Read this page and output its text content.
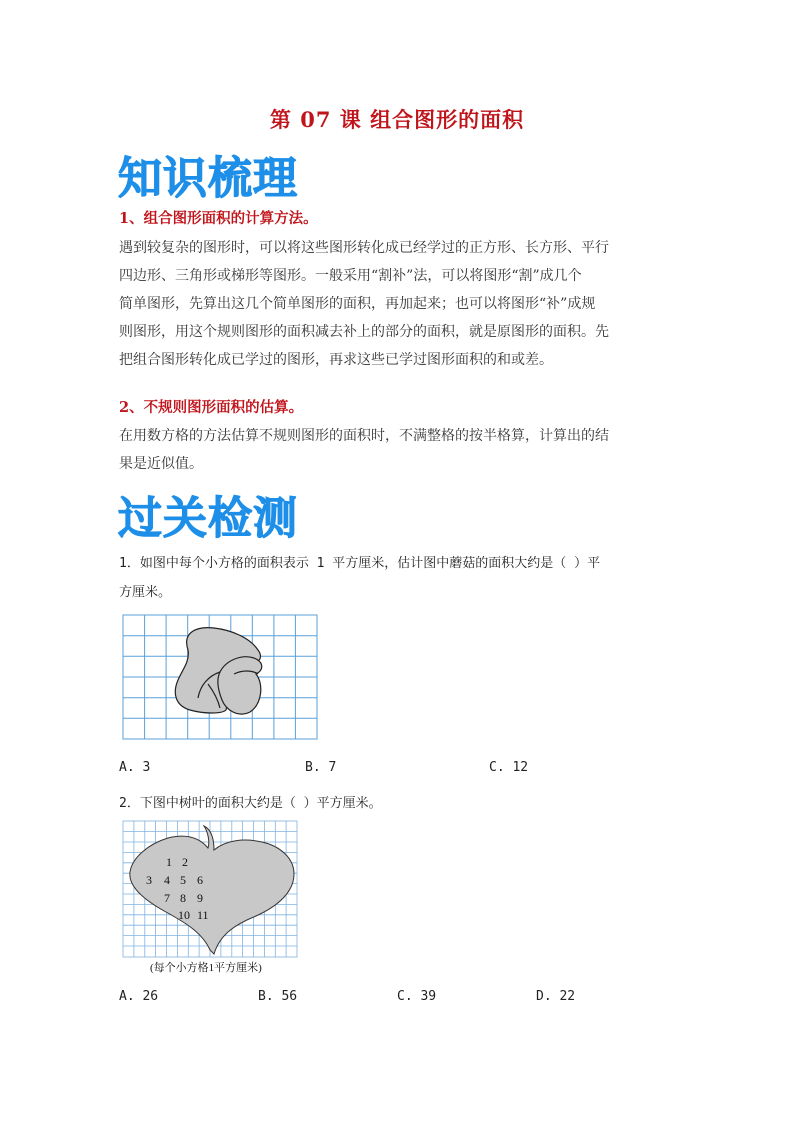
第 07 课 组合图形的面积
知识梳理
1、组合图形面积的计算方法。

遇到较复杂的图形时，可以将这些图形转化成已经学过的正方形、长方形、平行

四边形、三角形或梯形等图形。一般采用“割补”法，可以将图形“割”成几个

简单图形，先算出这几个简单图形的面积，再加起来；也可以将图形“补”成规

则图形，用这个规则图形的面积减去补上的部分的面积，就是原图形的面积。先

把组合图形转化成已学过的图形，再求这些已学过图形面积的和或差。

2、不规则图形面积的估算。

在用数方格的方法估算不规则图形的面积时，不满整格的按半格算，计算出的结

果是近似值。

过关检测
1．如图中每个小方格的面积表示 1 平方厘米，估计图中蘑菇的面积大约是（ ）平
方厘米。
A. 3	B. 7	C. 12
2．下图中树叶的面积大约是（ ）平方厘米。
1 2
3 4 5 6
7 8 9
10 11
(每个小方格1平方厘米)
A. 26	B. 56	C. 39	D. 22
